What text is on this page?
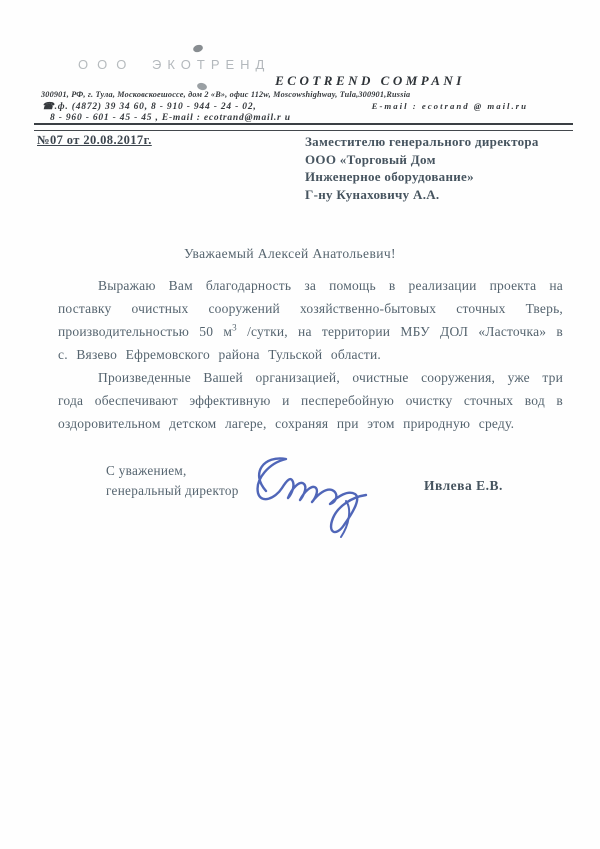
ООО ЭКОТРЕНД
ECOTREND COMPANI
300901, РФ, г. Тула, Московскоешоссе, дом 2 «В», офис 112w, Moscowshighway, Tula,300901,Russia
☎.ф. (4872) 39 34 60, 8 - 910 - 944 - 24 - 02,	E-mail : ecotrand @ mail.ru
8 - 960 - 601 - 45 - 45 , E-mail : ecotrand@mail.r u
№07 от 20.08.2017г.	Заместителю генерального директора
ООО «Торговый Дом
Инженерное оборудование»
Г-ну Кунаховичу А.А.
Уважаемый Алексей Анатольевич!

Выражаю Вам благодарность за помощь в реализации проекта на поставку очистных сооружений хозяйственно-бытовых сточных Тверь, производительностью 50 $м^3$ /сутки, на территории МБУ ДОЛ «Ласточка» в с. Вязево Ефремовского района Тульской области.

Произведенные Вашей организацией, очистные сооружения, уже три года обеспечивают эффективную и песперебойную очистку сточных вод в оздоровительном детском лагере, сохраняя при этом природную среду.

С уважением,
генеральный директор	Ивлева Е.В.
